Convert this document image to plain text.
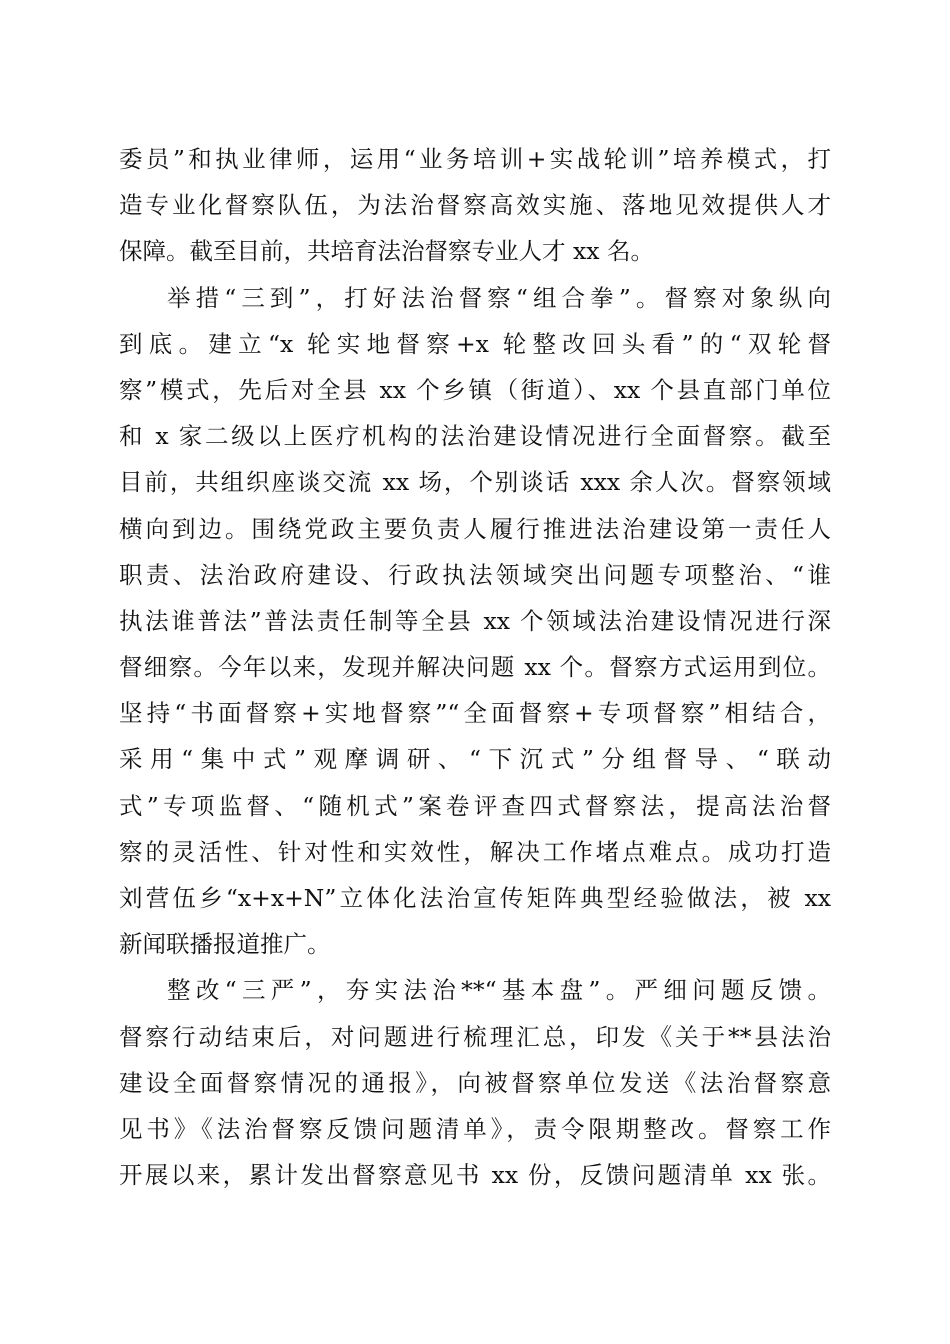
委员”和执业律师，运用“业务培训+实战轮训”培养模式，打
造专业化督察队伍，为法治督察高效实施、落地见效提供人才
保障。截至目前，共培育法治督察专业人才 xx 名。
举措“三到”，打好法治督察“组合拳”。督察对象纵向
到底。建立“x 轮实地督察+x 轮整改回头看”的“双轮督
察”模式，先后对全县 xx 个乡镇（街道）、xx 个县直部门单位
和 x 家二级以上医疗机构的法治建设情况进行全面督察。截至
目前，共组织座谈交流 xx 场，个别谈话 xxx 余人次。督察领域
横向到边。围绕党政主要负责人履行推进法治建设第一责任人
职责、法治政府建设、行政执法领域突出问题专项整治、“谁
执法谁普法”普法责任制等全县 xx 个领域法治建设情况进行深
督细察。今年以来，发现并解决问题 xx 个。督察方式运用到位。
坚持“书面督察+实地督察”“全面督察+专项督察”相结合，
采用“集中式”观摩调研、“下沉式”分组督导、“联动
式”专项监督、“随机式”案卷评查四式督察法，提高法治督
察的灵活性、针对性和实效性，解决工作堵点难点。成功打造
刘营伍乡“x+x+N”立体化法治宣传矩阵典型经验做法，被 xx
新闻联播报道推广。
整改“三严”，夯实法治**“基本盘”。严细问题反馈。
督察行动结束后，对问题进行梳理汇总，印发《关于**县法治
建设全面督察情况的通报》，向被督察单位发送《法治督察意
见书》《法治督察反馈问题清单》，责令限期整改。督察工作
开展以来，累计发出督察意见书 xx 份，反馈问题清单 xx 张。
